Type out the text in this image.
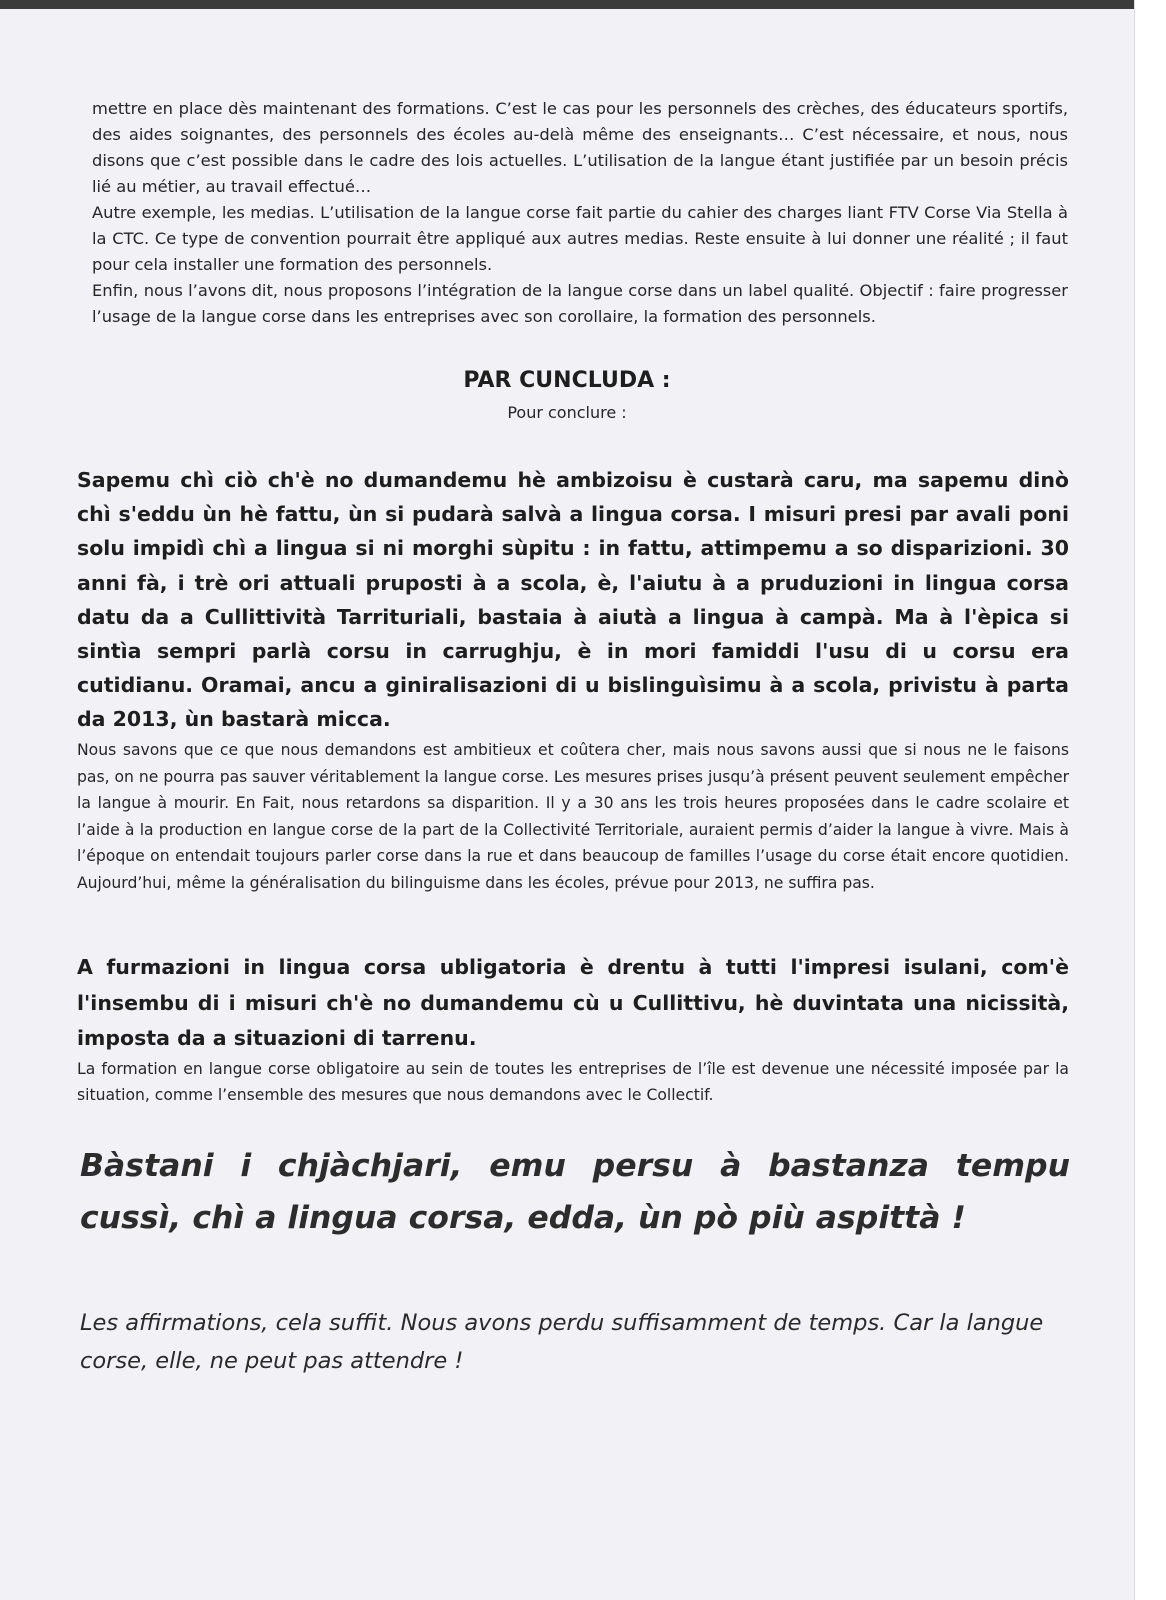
mettre en place dès maintenant des formations. C’est le cas pour les personnels des crèches, des éducateurs sportifs, des aides soignantes, des personnels des écoles au-delà même des enseignants… C’est nécessaire, et nous, nous disons que c’est possible dans le cadre des lois actuelles. L’utilisation de la langue étant justifiée par un besoin précis lié au métier, au travail effectué…

Autre exemple, les medias. L’utilisation de la langue corse fait partie du cahier des charges liant FTV Corse Via Stella à la CTC. Ce type de convention pourrait être appliqué aux autres medias. Reste ensuite à lui donner une réalité ; il faut pour cela installer une formation des personnels.

Enfin, nous l’avons dit, nous proposons l’intégration de la langue corse dans un label qualité. Objectif : faire progresser l’usage de la langue corse dans les entreprises avec son corollaire, la formation des personnels.

PAR CUNCLUDA :
Pour conclure :

Sapemu chì ciò ch'è no dumandemu hè ambizoisu è custarà caru, ma sapemu dinò chì s'eddu ùn hè fattu, ùn si pudarà salvà a lingua corsa. I misuri presi par avali poni solu impidì chì a lingua si ni morghi sùpitu : in fattu, attimpemu a so disparizioni. 30 anni fà, i trè ori attuali pruposti à a scola, è, l'aiutu à a pruduzioni in lingua corsa datu da a Cullittività Tarrituriali, bastaia à aiutà a lingua à campà. Ma à l'èpica si sintìa sempri parlà corsu in carrughju, è in mori famiddi l'usu di u corsu era cutidianu. Oramai, ancu a giniralisazioni di u bislinguìsimu à a scola, privistu à parta da 2013, ùn bastarà micca.

Nous savons que ce que nous demandons est ambitieux et coûtera cher, mais nous savons aussi que si nous ne le faisons pas, on ne pourra pas sauver véritablement la langue corse. Les mesures prises jusqu’à présent peuvent seulement empêcher la langue à mourir. En Fait, nous retardons sa disparition. Il y a 30 ans les trois heures proposées dans le cadre scolaire et l’aide à la production en langue corse de la part de la Collectivité Territoriale, auraient permis d’aider la langue à vivre. Mais à l’époque on entendait toujours parler corse dans la rue et dans beaucoup de familles l’usage du corse était encore quotidien. Aujourd’hui, même la généralisation du bilinguisme dans les écoles, prévue pour 2013, ne suffira pas.

A furmazioni in lingua corsa ubligatoria è drentu à tutti l'impresi isulani, com'è l'insembu di i misuri ch'è no dumandemu cù u Cullittivu, hè duvintata una nicissità, imposta da a situazioni di tarrenu.

La formation en langue corse obligatoire au sein de toutes les entreprises de l’île est devenue une nécessité imposée par la situation, comme l’ensemble des mesures que nous demandons avec le Collectif.

Bàstani i chjàchjari, emu persu à bastanza tempu cussì, chì a lingua corsa, edda, ùn pò più aspittà !

Les affirmations, cela suffit. Nous avons perdu suffisamment de temps. Car la langue corse, elle, ne peut pas attendre !
